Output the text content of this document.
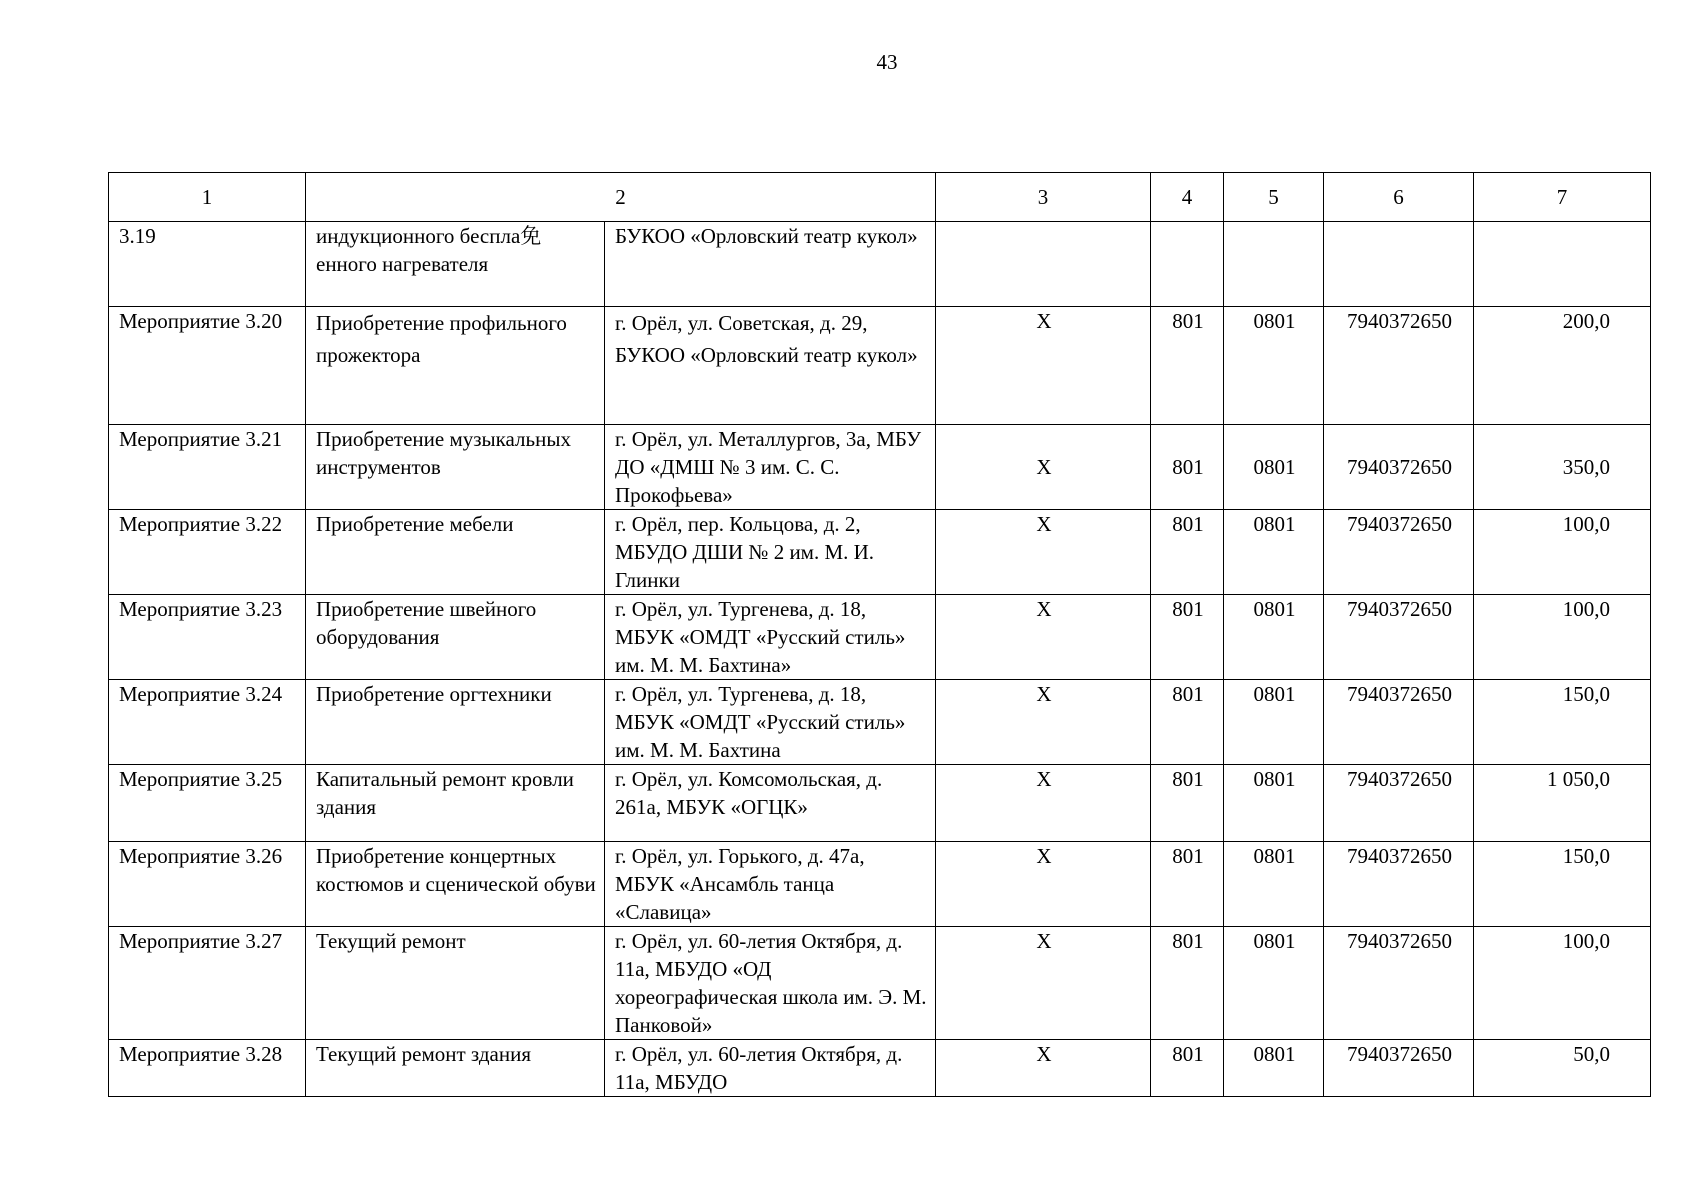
43
1	2		3	4	5	6	7
3.19	индукционного беспла免енного нагревателя	БУКОО «Орловский театр кукол»					
Мероприятие 3.20	Приобретение профильного прожектора	г. Орёл, ул. Советская, д. 29, БУКОО «Орловский театр кукол»	Х	801	0801	7940372650	200,0
Мероприятие 3.21	Приобретение музыкальных инструментов	г. Орёл, ул. Металлургов, 3а, МБУ ДО «ДМШ № 3 им. С. С. Прокофьева»	Х	801	0801	7940372650	350,0
Мероприятие 3.22	Приобретение мебели	г. Орёл, пер. Кольцова, д. 2, МБУДО ДШИ № 2 им. М. И. Глинки	Х	801	0801	7940372650	100,0
Мероприятие 3.23	Приобретение швейного оборудования	г. Орёл, ул. Тургенева, д. 18, МБУК «ОМДТ «Русский стиль» им. М. М. Бахтина»	Х	801	0801	7940372650	100,0
Мероприятие 3.24	Приобретение оргтехники	г. Орёл, ул. Тургенева, д. 18, МБУК «ОМДТ «Русский стиль» им. М. М. Бахтина	Х	801	0801	7940372650	150,0
Мероприятие 3.25	Капитальный ремонт кровли здания	г. Орёл, ул. Комсомольская, д. 261а, МБУК «ОГЦК»	Х	801	0801	7940372650	1 050,0
Мероприятие 3.26	Приобретение концертных костюмов и сценической обуви	г. Орёл, ул. Горького, д. 47а, МБУК «Ансамбль танца «Славица»	Х	801	0801	7940372650	150,0
Мероприятие 3.27	Текущий ремонт	г. Орёл, ул. 60-летия Октября, д. 11а, МБУДО «ОД хореографическая школа им. Э. М. Панковой»	Х	801	0801	7940372650	100,0
Мероприятие 3.28	Текущий ремонт здания	г. Орёл, ул. 60-летия Октября, д. 11а, МБУДО	Х	801	0801	7940372650	50,0
